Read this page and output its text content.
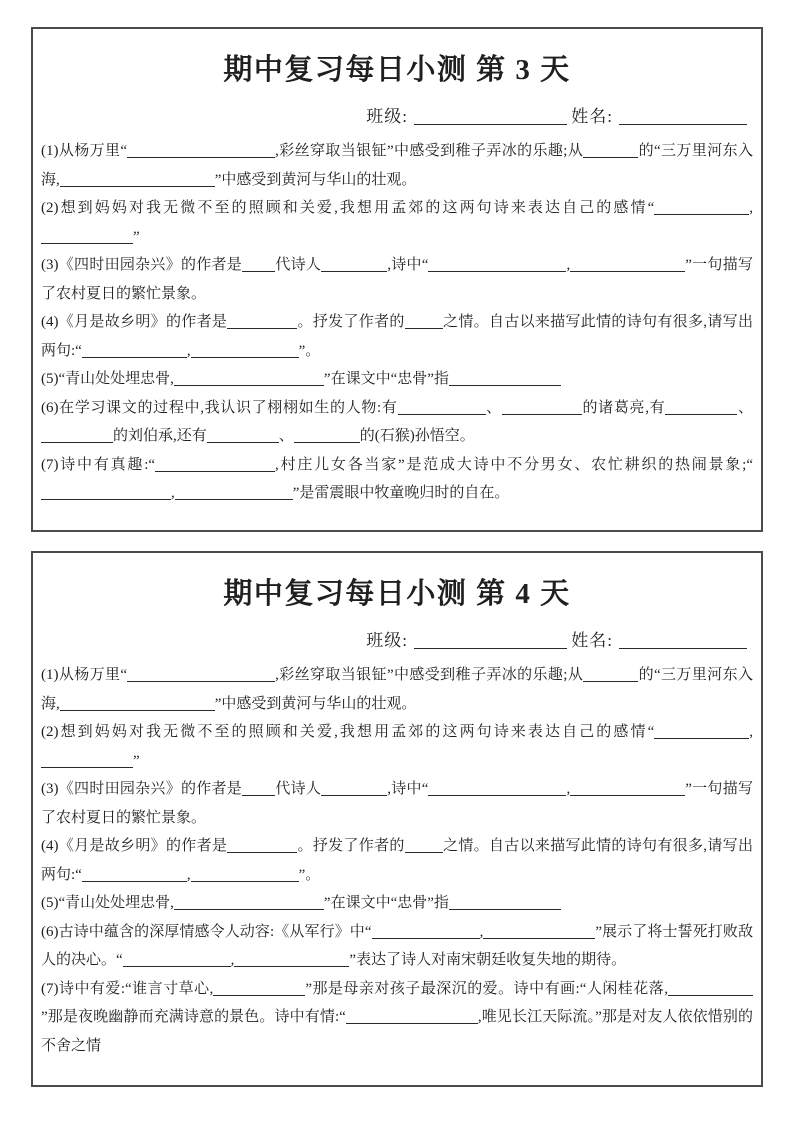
期中复习每日小测 第 3 天
班级:	姓名:

(1)从杨万里“	,彩丝穿取当银钲”中感受到稚子弄冰的乐趣;从	的“三万里河东入海,	”中感受到黄河与华山的壮观。

(2)想到妈妈对我无微不至的照顾和关爱,我想用孟郊的这两句诗来表达自己的感情“	,”

(3)《四时田园杂兴》的作者是 代诗人	,诗中“	,	”一句描写了农村夏日的繁忙景象。

(4)《月是故乡明》的作者是	。抒发了作者的	之情。自古以来描写此情的诗句有很多,请写出两句:“	,	”。

(5)“青山处处埋忠骨,	”在课文中“忠骨”指

(6)在学习课文的过程中,我认识了栩栩如生的人物:有	、	的诸葛亮,有	、的刘伯承,还有	、	的(石猴)孙悟空。

(7)诗中有真趣:“	,村庄儿女各当家”是范成大诗中不分男女、农忙耕织的热闹景象;“,	”是雷震眼中牧童晚归时的自在。

期中复习每日小测 第 4 天
班级:	姓名:

(1)从杨万里“	,彩丝穿取当银钲”中感受到稚子弄冰的乐趣;从	的“三万里河东入海,	”中感受到黄河与华山的壮观。

(2)想到妈妈对我无微不至的照顾和关爱,我想用孟郊的这两句诗来表达自己的感情“	,”

(3)《四时田园杂兴》的作者是 代诗人	,诗中“	,	”一句描写了农村夏日的繁忙景象。

(4)《月是故乡明》的作者是	。抒发了作者的	之情。自古以来描写此情的诗句有很多,请写出两句:“	,	”。

(5)“青山处处埋忠骨,	”在课文中“忠骨”指

(6)古诗中蕴含的深厚情感令人动容:《从军行》中“	,	”展示了将士誓死打败敌人的决心。“	,	”表达了诗人对南宋朝廷收复失地的期待。

(7)诗中有爱:“谁言寸草心,	”那是母亲对孩子最深沉的爱。诗中有画:“人闲桂花落,”那是夜晚幽静而充满诗意的景色。诗中有情:“	,唯见长江天际流。”那是对友人依依惜别的不舍之情
